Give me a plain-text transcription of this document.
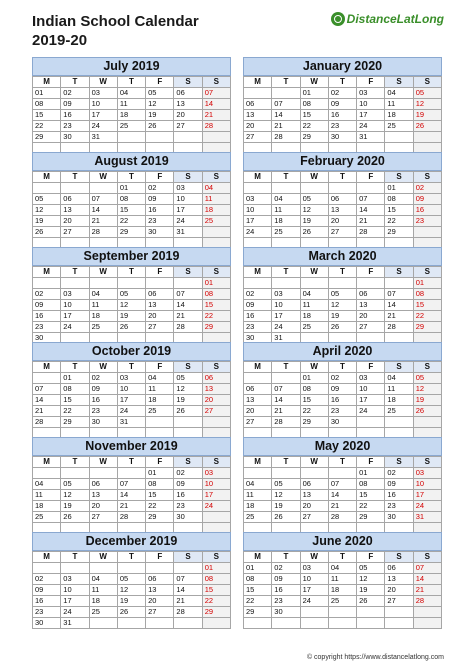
Indian School Calendar
2019-20
DistanceLatLong
July 2019
M	T	W	T	F	S	S
01	02	03	04	05	06	07
08	09	10	11	12	13	14
15	16	17	18	19	20	21
22	23	24	25	26	27	28
29	30	31				

January 2020
M	T	W	T	F	S	S
		01	02	03	04	05
06	07	08	09	10	11	12
13	14	15	16	17	18	19
20	21	22	23	24	25	26
27	28	29	30	31		

August 2019
M	T	W	T	F	S	S
			01	02	03	04
05	06	07	08	09	10	11
12	13	14	15	16	17	18
19	20	21	22	23	24	25
26	27	28	29	30	31	

February 2020
M	T	W	T	F	S	S
					01	02
03	04	05	06	07	08	09
10	11	12	13	14	15	16
17	18	19	20	21	22	23
24	25	26	27	28	29	

September 2019
M	T	W	T	F	S	S
						01
02	03	04	05	06	07	08
09	10	11	12	13	14	15
16	17	18	19	20	21	22
23	24	25	26	27	28	29
30						
March 2020
M	T	W	T	F	S	S
						01
02	03	04	05	06	07	08
09	10	11	12	13	14	15
16	17	18	19	20	21	22
23	24	25	26	27	28	29
30	31					
October 2019
M	T	W	T	F	S	S
	01	02	03	04	05	06
07	08	09	10	11	12	13
14	15	16	17	18	19	20
21	22	23	24	25	26	27
28	29	30	31			

April 2020
M	T	W	T	F	S	S
		01	02	03	04	05
06	07	08	09	10	11	12
13	14	15	16	17	18	19
20	21	22	23	24	25	26
27	28	29	30			

November 2019
M	T	W	T	F	S	S
				01	02	03
04	05	06	07	08	09	10
11	12	13	14	15	16	17
18	19	20	21	22	23	24
25	26	27	28	29	30	

May 2020
M	T	W	T	F	S	S
				01	02	03
04	05	06	07	08	09	10
11	12	13	14	15	16	17
18	19	20	21	22	23	24
25	26	27	28	29	30	31

December 2019
M	T	W	T	F	S	S
						01
02	03	04	05	06	07	08
09	10	11	12	13	14	15
16	17	18	19	20	21	22
23	24	25	26	27	28	29
30	31					
June 2020
M	T	W	T	F	S	S
01	02	03	04	05	06	07
08	09	10	11	12	13	14
15	16	17	18	19	20	21
22	23	24	25	26	27	28
29	30					

© copyright https://www.distancelatlong.com
